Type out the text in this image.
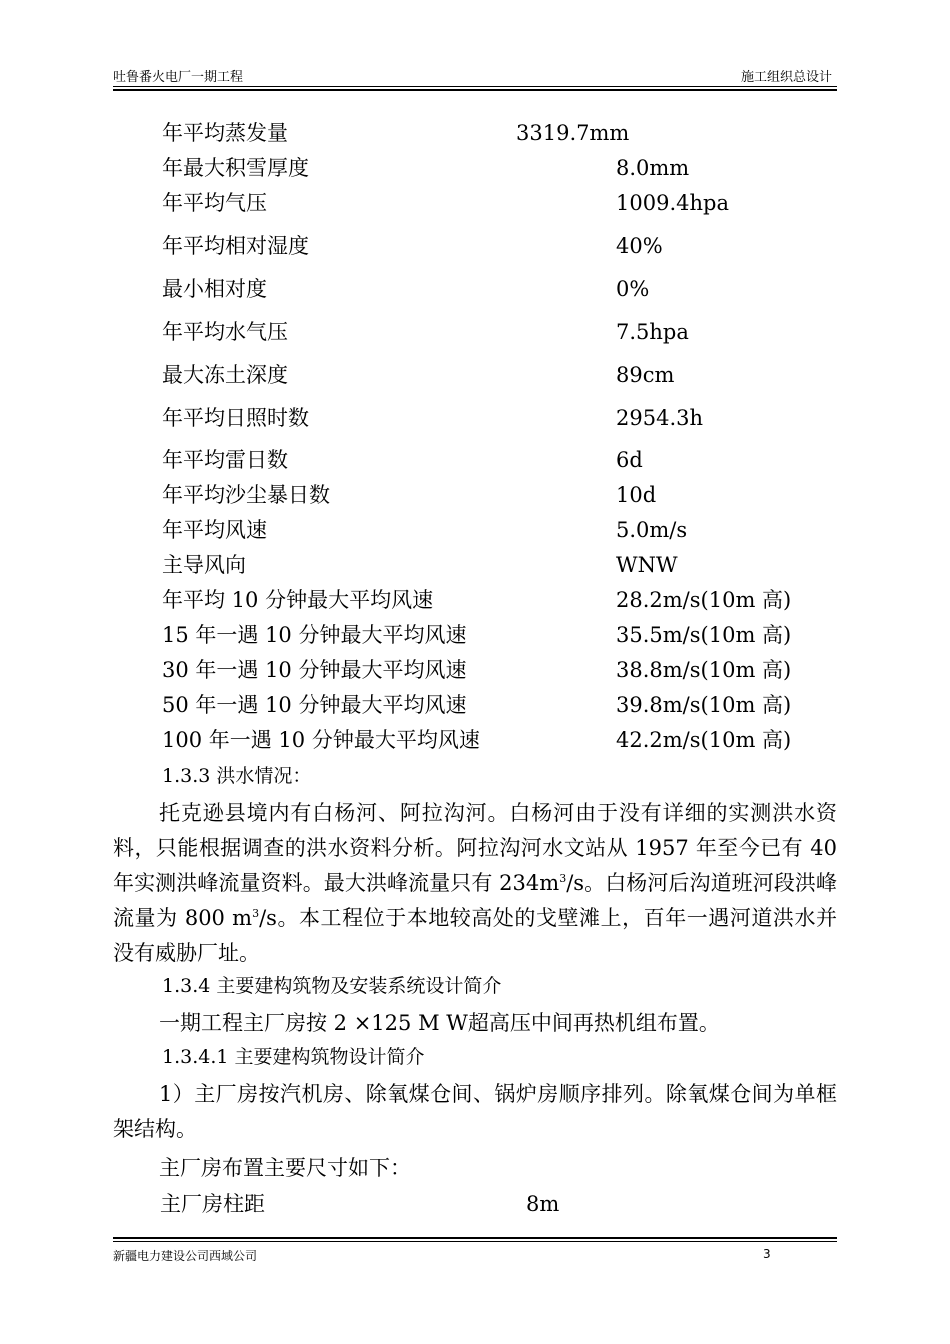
吐鲁番火电厂一期工程	施工组织总设计
年平均蒸发量	3319.7mm
年最大积雪厚度	8.0mm
年平均气压	1009.4hpa
年平均相对湿度	40%
最小相对度	0%
年平均水气压	7.5hpa
最大冻土深度	89cm
年平均日照时数	2954.3h
年平均雷日数	6d
年平均沙尘暴日数	10d
年平均风速	5.0m/s
主导风向	WNW
年平均 10 分钟最大平均风速	28.2m/s(10m 高)
15 年一遇 10 分钟最大平均风速	35.5m/s(10m 高)
30 年一遇 10 分钟最大平均风速	38.8m/s(10m 高)
50 年一遇 10 分钟最大平均风速	39.8m/s(10m 高)
100 年一遇 10 分钟最大平均风速	42.2m/s(10m 高)
1.3.3 洪水情况：
托克逊县境内有白杨河、阿拉沟河。白杨河由于没有详细的实测洪水资料，只能根据调查的洪水资料分析。阿拉沟河水文站从 1957 年至今已有 40 年实测洪峰流量资料。最大洪峰流量只有 $234m^3/s$。白杨河后沟道班河段洪峰流量为 800 $m^3/s$。本工程位于本地较高处的戈壁滩上，百年一遇河道洪水并没有威胁厂址。
1.3.4 主要建构筑物及安装系统设计简介
一期工程主厂房按 2 ×125 M W超高压中间再热机组布置。
1.3.4.1 主要建构筑物设计简介
1）主厂房按汽机房、除氧煤仓间、锅炉房顺序排列。除氧煤仓间为单框架结构。
主厂房布置主要尺寸如下：
主厂房柱距	8m
新疆电力建设公司西域公司	3
